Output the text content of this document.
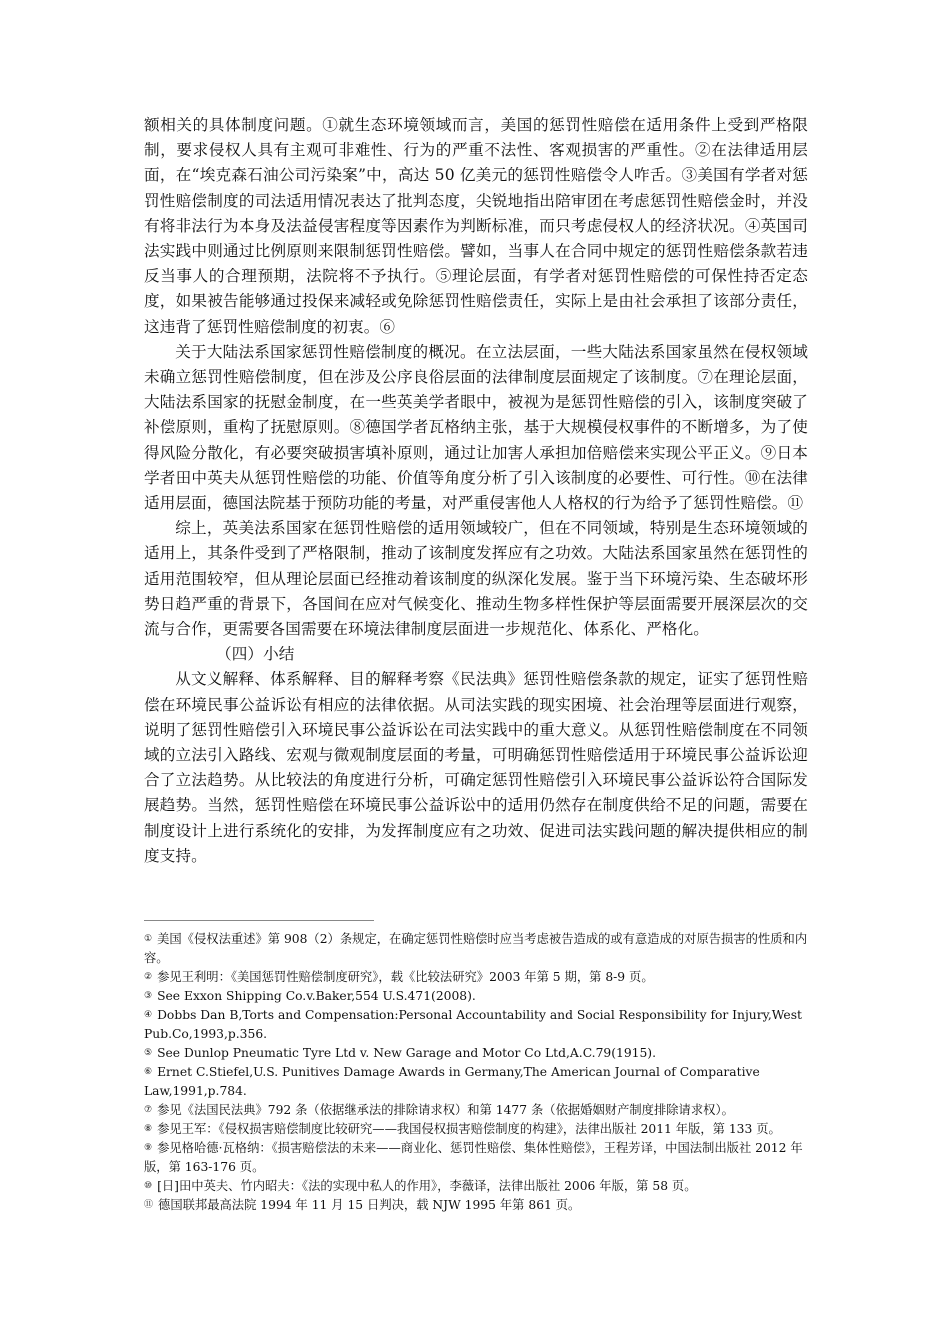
额相关的具体制度问题。①就生态环境领域而言，美国的惩罚性赔偿在适用条件上受到严格限制，要求侵权人具有主观可非难性、行为的严重不法性、客观损害的严重性。②在法律适用层面，在“埃克森石油公司污染案”中，高达 50 亿美元的惩罚性赔偿令人咋舌。③美国有学者对惩罚性赔偿制度的司法适用情况表达了批判态度，尖锐地指出陪审团在考虑惩罚性赔偿金时，并没有将非法行为本身及法益侵害程度等因素作为判断标准，而只考虑侵权人的经济状况。④英国司法实践中则通过比例原则来限制惩罚性赔偿。譬如，当事人在合同中规定的惩罚性赔偿条款若违反当事人的合理预期，法院将不予执行。⑤理论层面，有学者对惩罚性赔偿的可保性持否定态度，如果被告能够通过投保来减轻或免除惩罚性赔偿责任，实际上是由社会承担了该部分责任，这违背了惩罚性赔偿制度的初衷。⑥

关于大陆法系国家惩罚性赔偿制度的概况。在立法层面，一些大陆法系国家虽然在侵权领域未确立惩罚性赔偿制度，但在涉及公序良俗层面的法律制度层面规定了该制度。⑦在理论层面，大陆法系国家的抚慰金制度，在一些英美学者眼中，被视为是惩罚性赔偿的引入，该制度突破了补偿原则，重构了抚慰原则。⑧德国学者瓦格纳主张，基于大规模侵权事件的不断增多，为了使得风险分散化，有必要突破损害填补原则，通过让加害人承担加倍赔偿来实现公平正义。⑨日本学者田中英夫从惩罚性赔偿的功能、价值等角度分析了引入该制度的必要性、可行性。⑩在法律适用层面，德国法院基于预防功能的考量，对严重侵害他人人格权的行为给予了惩罚性赔偿。⑪

综上，英美法系国家在惩罚性赔偿的适用领域较广，但在不同领域，特别是生态环境领域的适用上，其条件受到了严格限制，推动了该制度发挥应有之功效。大陆法系国家虽然在惩罚性的适用范围较窄，但从理论层面已经推动着该制度的纵深化发展。鉴于当下环境污染、生态破坏形势日趋严重的背景下，各国间在应对气候变化、推动生物多样性保护等层面需要开展深层次的交流与合作，更需要各国需要在环境法律制度层面进一步规范化、体系化、严格化。

（四）小结

从文义解释、体系解释、目的解释考察《民法典》惩罚性赔偿条款的规定，证实了惩罚性赔偿在环境民事公益诉讼有相应的法律依据。从司法实践的现实困境、社会治理等层面进行观察，说明了惩罚性赔偿引入环境民事公益诉讼在司法实践中的重大意义。从惩罚性赔偿制度在不同领域的立法引入路线、宏观与微观制度层面的考量，可明确惩罚性赔偿适用于环境民事公益诉讼迎合了立法趋势。从比较法的角度进行分析，可确定惩罚性赔偿引入环境民事公益诉讼符合国际发展趋势。当然，惩罚性赔偿在环境民事公益诉讼中的适用仍然存在制度供给不足的问题，需要在制度设计上进行系统化的安排，为发挥制度应有之功效、促进司法实践问题的解决提供相应的制度支持。

① 美国《侵权法重述》第 908（2）条规定，在确定惩罚性赔偿时应当考虑被告造成的或有意造成的对原告损害的性质和内容。

② 参见王利明：《美国惩罚性赔偿制度研究》，载《比较法研究》2003 年第 5 期，第 8-9 页。

③ See Exxon Shipping Co.v.Baker,554 U.S.471(2008).

④ Dobbs Dan B,Torts and Compensation:Personal Accountability and Social Responsibility for Injury,West Pub.Co,1993,p.356.

⑤ See Dunlop Pneumatic Tyre Ltd v. New Garage and Motor Co Ltd,A.C.79(1915).

⑥ Ernet C.Stiefel,U.S. Punitives Damage Awards in Germany,The American Journal of Comparative Law,1991,p.784.

⑦ 参见《法国民法典》792 条（依据继承法的排除请求权）和第 1477 条（依据婚姻财产制度排除请求权）。

⑧ 参见王军：《侵权损害赔偿制度比较研究——我国侵权损害赔偿制度的构建》，法律出版社 2011 年版，第 133 页。

⑨ 参见格哈德·瓦格纳：《损害赔偿法的未来——商业化、惩罚性赔偿、集体性赔偿》，王程芳译，中国法制出版社 2012 年版，第 163-176 页。

⑩ [日]田中英夫、竹内昭夫：《法的实现中私人的作用》，李薇译，法律出版社 2006 年版，第 58 页。

⑪ 德国联邦最高法院 1994 年 11 月 15 日判决，载 NJW 1995 年第 861 页。
